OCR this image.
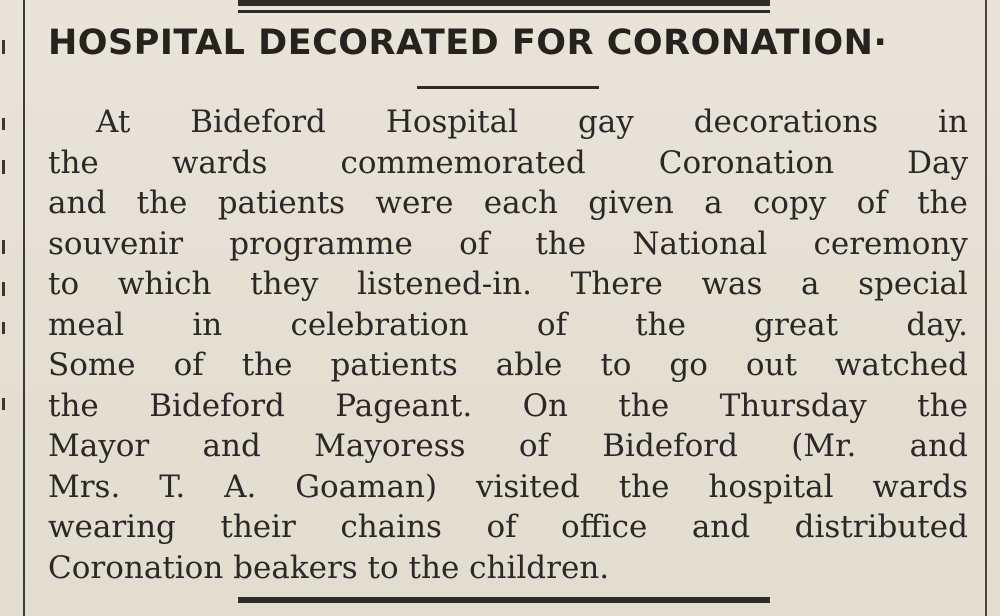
HOSPITAL DECORATED FOR CORONATION·
At Bideford Hospital gay decorations in
the wards commemorated Coronation Day
and the patients were each given a copy of the
souvenir programme of the National ceremony
to which they listened-in. There was a special
meal in celebration of the great day.
Some of the patients able to go out watched
the Bideford Pageant. On the Thursday the
Mayor and Mayoress of Bideford (Mr. and
Mrs. T. A. Goaman) visited the hospital wards
wearing their chains of office and distributed
Coronation beakers to the children.
